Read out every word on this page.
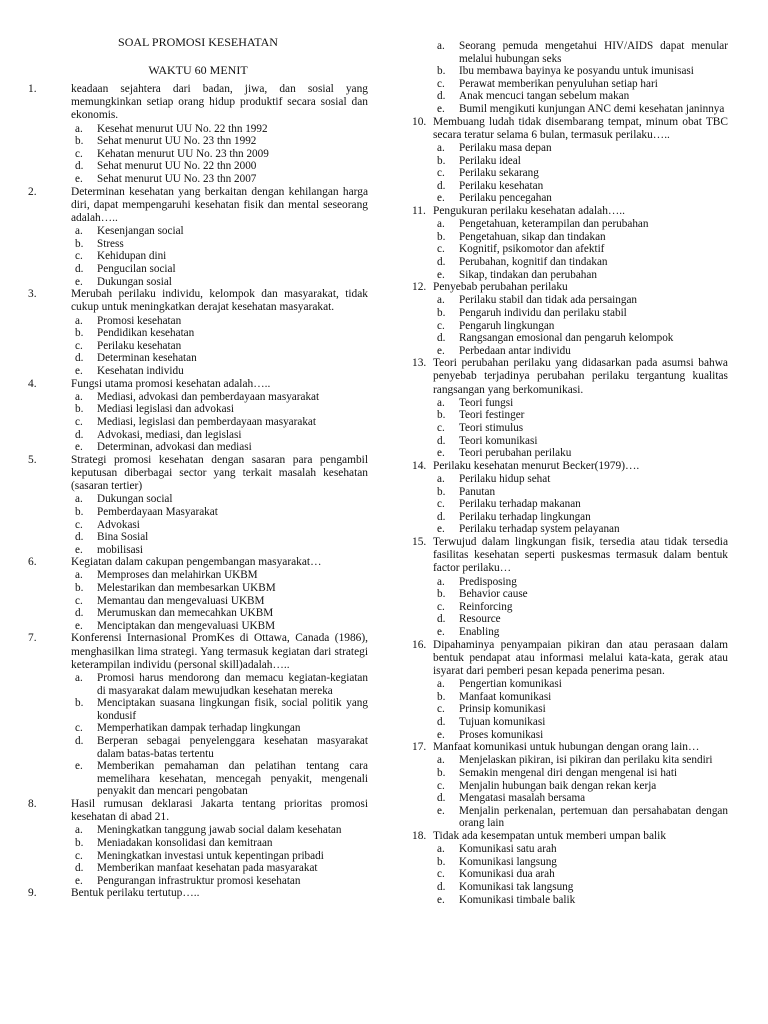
SOAL PROMOSI KESEHATAN
WAKTU 60 MENIT
1.	keadaan sejahtera dari badan, jiwa, dan sosial yang memungkinkan setiap orang hidup produktif secara sosial dan ekonomis.
a. Kesehat menurut UU No. 22 thn 1992
b. Sehat menurut UU No. 23 thn 1992
c. Kehatan menurut UU No. 23 thn 2009
d. Sehat menurut UU No. 22 thn 2000
e. Sehat menurut UU No. 23 thn 2007
2.	Determinan kesehatan yang berkaitan dengan kehilangan harga diri, dapat mempengaruhi kesehatan fisik dan mental seseorang adalah…..
a. Kesenjangan social
b. Stress
c. Kehidupan dini
d. Pengucilan social
e. Dukungan sosial
3.	Merubah perilaku individu, kelompok dan masyarakat, tidak cukup untuk meningkatkan derajat kesehatan masyarakat.
a. Promosi kesehatan
b. Pendidikan kesehatan
c. Perilaku kesehatan
d. Determinan kesehatan
e. Kesehatan individu
4.	Fungsi utama promosi kesehatan adalah…..
a. Mediasi, advokasi dan pemberdayaan masyarakat
b. Mediasi legislasi dan advokasi
c. Mediasi, legislasi dan pemberdayaan masyarakat
d. Advokasi, mediasi, dan legislasi
e. Determinan, advokasi dan mediasi
5.	Strategi promosi kesehatan dengan sasaran para pengambil keputusan diberbagai sector yang terkait masalah kesehatan (sasaran tertier)
a. Dukungan social
b. Pemberdayaan Masyarakat
c. Advokasi
d. Bina Sosial
e. mobilisasi
6.	Kegiatan dalam cakupan pengembangan masyarakat…
a. Memproses dan melahirkan UKBM
b. Melestarikan dan membesarkan UKBM
c. Memantau dan mengevaluasi UKBM
d. Merumuskan dan memecahkan UKBM
e. Menciptakan dan mengevaluasi UKBM
7.	Konferensi Internasional PromKes di Ottawa, Canada (1986), menghasilkan lima strategi. Yang termasuk kegiatan dari strategi keterampilan individu (personal skill)adalah…..
a. Promosi harus mendorong dan memacu kegiatan-kegiatan di masyarakat dalam mewujudkan kesehatan mereka
b. Menciptakan suasana lingkungan fisik, social politik yang kondusif
c. Memperhatikan dampak terhadap lingkungan
d. Berperan sebagai penyelenggara kesehatan masyarakat dalam batas-batas tertentu
e. Memberikan pemahaman dan pelatihan tentang cara memelihara kesehatan, mencegah penyakit, mengenali penyakit dan mencari pengobatan
8.	Hasil rumusan deklarasi Jakarta tentang prioritas promosi kesehatan di abad 21.
a. Meningkatkan tanggung jawab social dalam kesehatan
b. Meniadakan konsolidasi dan kemitraan
c. Meningkatkan investasi untuk kepentingan pribadi
d. Memberikan manfaat kesehatan pada masyarakat
e. Pengurangan infrastruktur promosi kesehatan
9.	Bentuk perilaku tertutup…..
a. Seorang pemuda mengetahui HIV/AIDS dapat menular melalui hubungan seks
b. Ibu membawa bayinya ke posyandu untuk imunisasi
c. Perawat memberikan penyuluhan setiap hari
d. Anak mencuci tangan sebelum makan
e. Bumil mengikuti kunjungan ANC demi kesehatan janinnya
10. Membuang ludah tidak disembarang tempat, minum obat TBC secara teratur selama 6 bulan, termasuk perilaku…..
a. Perilaku masa depan
b. Perilaku ideal
c. Perilaku sekarang
d. Perilaku kesehatan
e. Perilaku pencegahan
11. Pengukuran perilaku kesehatan adalah…..
a. Pengetahuan, keterampilan dan perubahan
b. Pengetahuan, sikap dan tindakan
c. Kognitif, psikomotor dan afektif
d. Perubahan, kognitif dan tindakan
e. Sikap, tindakan dan perubahan
12. Penyebab perubahan perilaku
a. Perilaku stabil dan tidak ada persaingan
b. Pengaruh individu dan perilaku stabil
c. Pengaruh lingkungan
d. Rangsangan emosional dan pengaruh kelompok
e. Perbedaan antar individu
13. Teori perubahan perilaku yang didasarkan pada asumsi bahwa penyebab terjadinya perubahan perilaku tergantung kualitas rangsangan yang berkomunikasi.
a. Teori fungsi
b. Teori festinger
c. Teori stimulus
d. Teori komunikasi
e. Teori perubahan perilaku
14. Perilaku kesehatan menurut Becker(1979)….
a. Perilaku hidup sehat
b. Panutan
c. Perilaku terhadap makanan
d. Perilaku terhadap lingkungan
e. Perilaku terhadap system pelayanan
15. Terwujud dalam lingkungan fisik, tersedia atau tidak tersedia fasilitas kesehatan seperti puskesmas termasuk dalam bentuk factor perilaku…
a. Predisposing
b. Behavior cause
c. Reinforcing
d. Resource
e. Enabling
16. Dipahaminya penyampaian pikiran dan atau perasaan dalam bentuk pendapat atau informasi melalui kata-kata, gerak atau isyarat dari pemberi pesan kepada penerima pesan.
a. Pengertian komunikasi
b. Manfaat komunikasi
c. Prinsip komunikasi
d. Tujuan komunikasi
e. Proses komunikasi
17. Manfaat komunikasi untuk hubungan dengan orang lain…
a. Menjelaskan pikiran, isi pikiran dan perilaku kita sendiri
b. Semakin mengenal diri dengan mengenal isi hati
c. Menjalin hubungan baik dengan rekan kerja
d. Mengatasi masalah bersama
e. Menjalin perkenalan, pertemuan dan persahabatan dengan orang lain
18. Tidak ada kesempatan untuk memberi umpan balik
a. Komunikasi satu arah
b. Komunikasi langsung
c. Komunikasi dua arah
d. Komunikasi tak langsung
e. Komunikasi timbale balik
